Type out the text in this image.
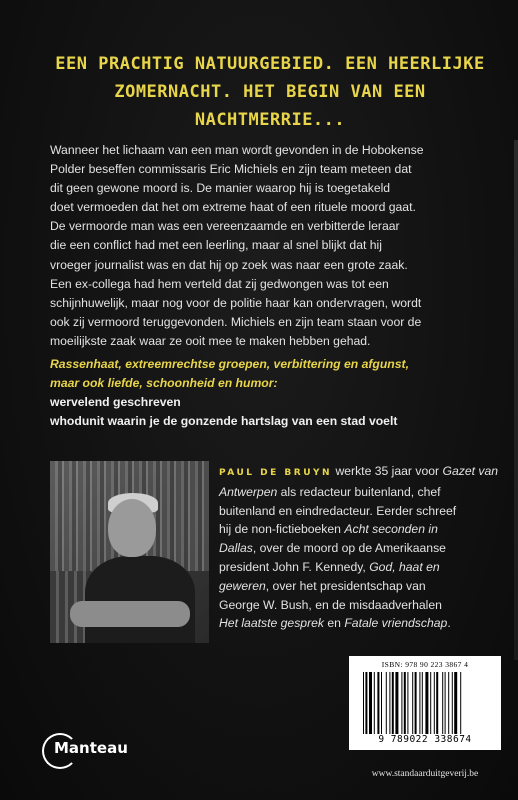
EEN PRACHTIG NATUURGEBIED. EEN HEERLIJKE
ZOMERNACHT. HET BEGIN VAN EEN NACHTMERRIE...
Wanneer het lichaam van een man wordt gevonden in de Hobokense
Polder beseffen commissaris Eric Michiels en zijn team meteen dat
dit geen gewone moord is. De manier waarop hij is toegetakeld
doet vermoeden dat het om extreme haat of een rituele moord gaat.
De vermoorde man was een vereenzaamde en verbitterde leraar
die een conflict had met een leerling, maar al snel blijkt dat hij
vroeger journalist was en dat hij op zoek was naar een grote zaak.
Een ex-collega had hem verteld dat zij gedwongen was tot een
schijnhuwelijk, maar nog voor de politie haar kan ondervragen, wordt
ook zij vermoord teruggevonden. Michiels en zijn team staan voor de
moeilijkste zaak waar ze ooit mee te maken hebben gehad.
Rassenhaat, extreemrechtse groepen, verbittering en afgunst,
maar ook liefde, schoonheid en humor:
wervelend geschreven
whodunit waarin je de gonzende hartslag van een stad voelt
PAUL DE BRUYN werkte 35 jaar voor Gazet van
Antwerpen als redacteur buitenland, chef
buitenland en eindredacteur. Eerder schreef
hij de non-fictieboeken Acht seconden in
Dallas, over de moord op de Amerikaanse
president John F. Kennedy, God, haat en
geweren, over het presidentschap van
George W. Bush, en de misdaadverhalen
Het laatste gesprek en Fatale vriendschap.
ISBN: 978 90 223 3867 4
9 789022 338674
Manteau
www.standaarduitgeverij.be
